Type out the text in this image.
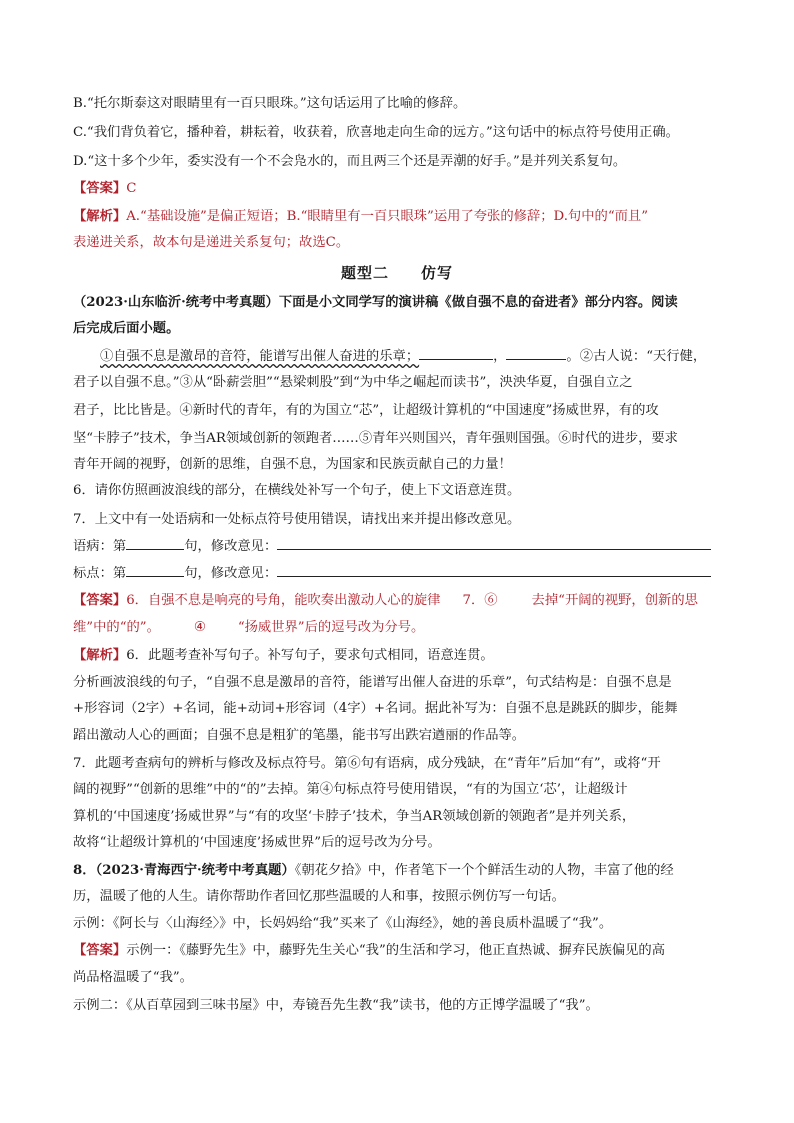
B.“托尔斯泰这对眼睛里有一百只眼珠。”这句话运用了比喻的修辞。
C.“我们背负着它，播种着，耕耘着，收获着，欣喜地走向生命的远方。”这句话中的标点符号使用正确。
D.“这十多个少年，委实没有一个不会凫水的，而且两三个还是弄潮的好手。”是并列关系复句。
【答案】C
【解析】A.“基础设施”是偏正短语；B.“眼睛里有一百只眼珠”运用了夸张的修辞；D.句中的“而且”
表递进关系，故本句是递进关系复句；故选C。
题型二　　仿写
（2023·山东临沂·统考中考真题）下面是小文同学写的演讲稿《做自强不息的奋进者》部分内容。阅读
后完成后面小题。
①自强不息是激昂的音符，能谱写出催人奋进的乐章；	，	。②古人说：“天行健，
君子以自强不息。”③从“卧薪尝胆”“悬梁刺股”到“为中华之崛起而读书”，泱泱华夏，自强自立之
君子，比比皆是。④新时代的青年，有的为国立“芯”，让超级计算机的“中国速度”扬威世界，有的攻
坚“卡脖子”技术，争当AR领域创新的领跑者……⑤青年兴则国兴，青年强则国强。⑥时代的进步，要求
青年开阔的视野，创新的思维，自强不息，为国家和民族贡献自己的力量！
6．请你仿照画波浪线的部分，在横线处补写一个句子，使上下文语意连贯。
7．上文中有一处语病和一处标点符号使用错误，请找出来并提出修改意见。
语病：第	句，修改意见：
标点：第	句，修改意见：
【答案】6．自强不息是响亮的号角，能吹奏出激动人心的旋律 7．⑥	去掉“开阔的视野，创新的思
维”中的“的”。	④ “扬威世界”后的逗号改为分号。
【解析】6．此题考查补写句子。补写句子，要求句式相同，语意连贯。
分析画波浪线的句子，“自强不息是激昂的音符，能谱写出催人奋进的乐章”，句式结构是：自强不息是
+形容词（2字）+名词，能+动词+形容词（4字）+名词。据此补写为：自强不息是跳跃的脚步，能舞
蹈出激动人心的画面；自强不息是粗犷的笔墨，能书写出跌宕遒丽的作品等。
7．此题考查病句的辨析与修改及标点符号。第⑥句有语病，成分残缺，在“青年”后加“有”，或将“开
阔的视野”“创新的思维”中的“的”去掉。第④句标点符号使用错误，“有的为国立‘芯’，让超级计
算机的‘中国速度’扬威世界”与“有的攻坚‘卡脖子’技术，争当AR领域创新的领跑者”是并列关系，
故将“让超级计算机的‘中国速度’扬威世界”后的逗号改为分号。
8．（2023·青海西宁·统考中考真题）《朝花夕拾》中，作者笔下一个个鲜活生动的人物，丰富了他的经
历，温暖了他的人生。请你帮助作者回忆那些温暖的人和事，按照示例仿写一句话。
示例：《阿长与〈山海经〉》中，长妈妈给“我”买来了《山海经》，她的善良质朴温暖了“我”。
【答案】示例一：《藤野先生》中，藤野先生关心“我”的生活和学习，他正直热诚、摒弃民族偏见的高
尚品格温暖了“我”。
示例二：《从百草园到三味书屋》中，寿镜吾先生教“我”读书，他的方正博学温暖了“我”。
